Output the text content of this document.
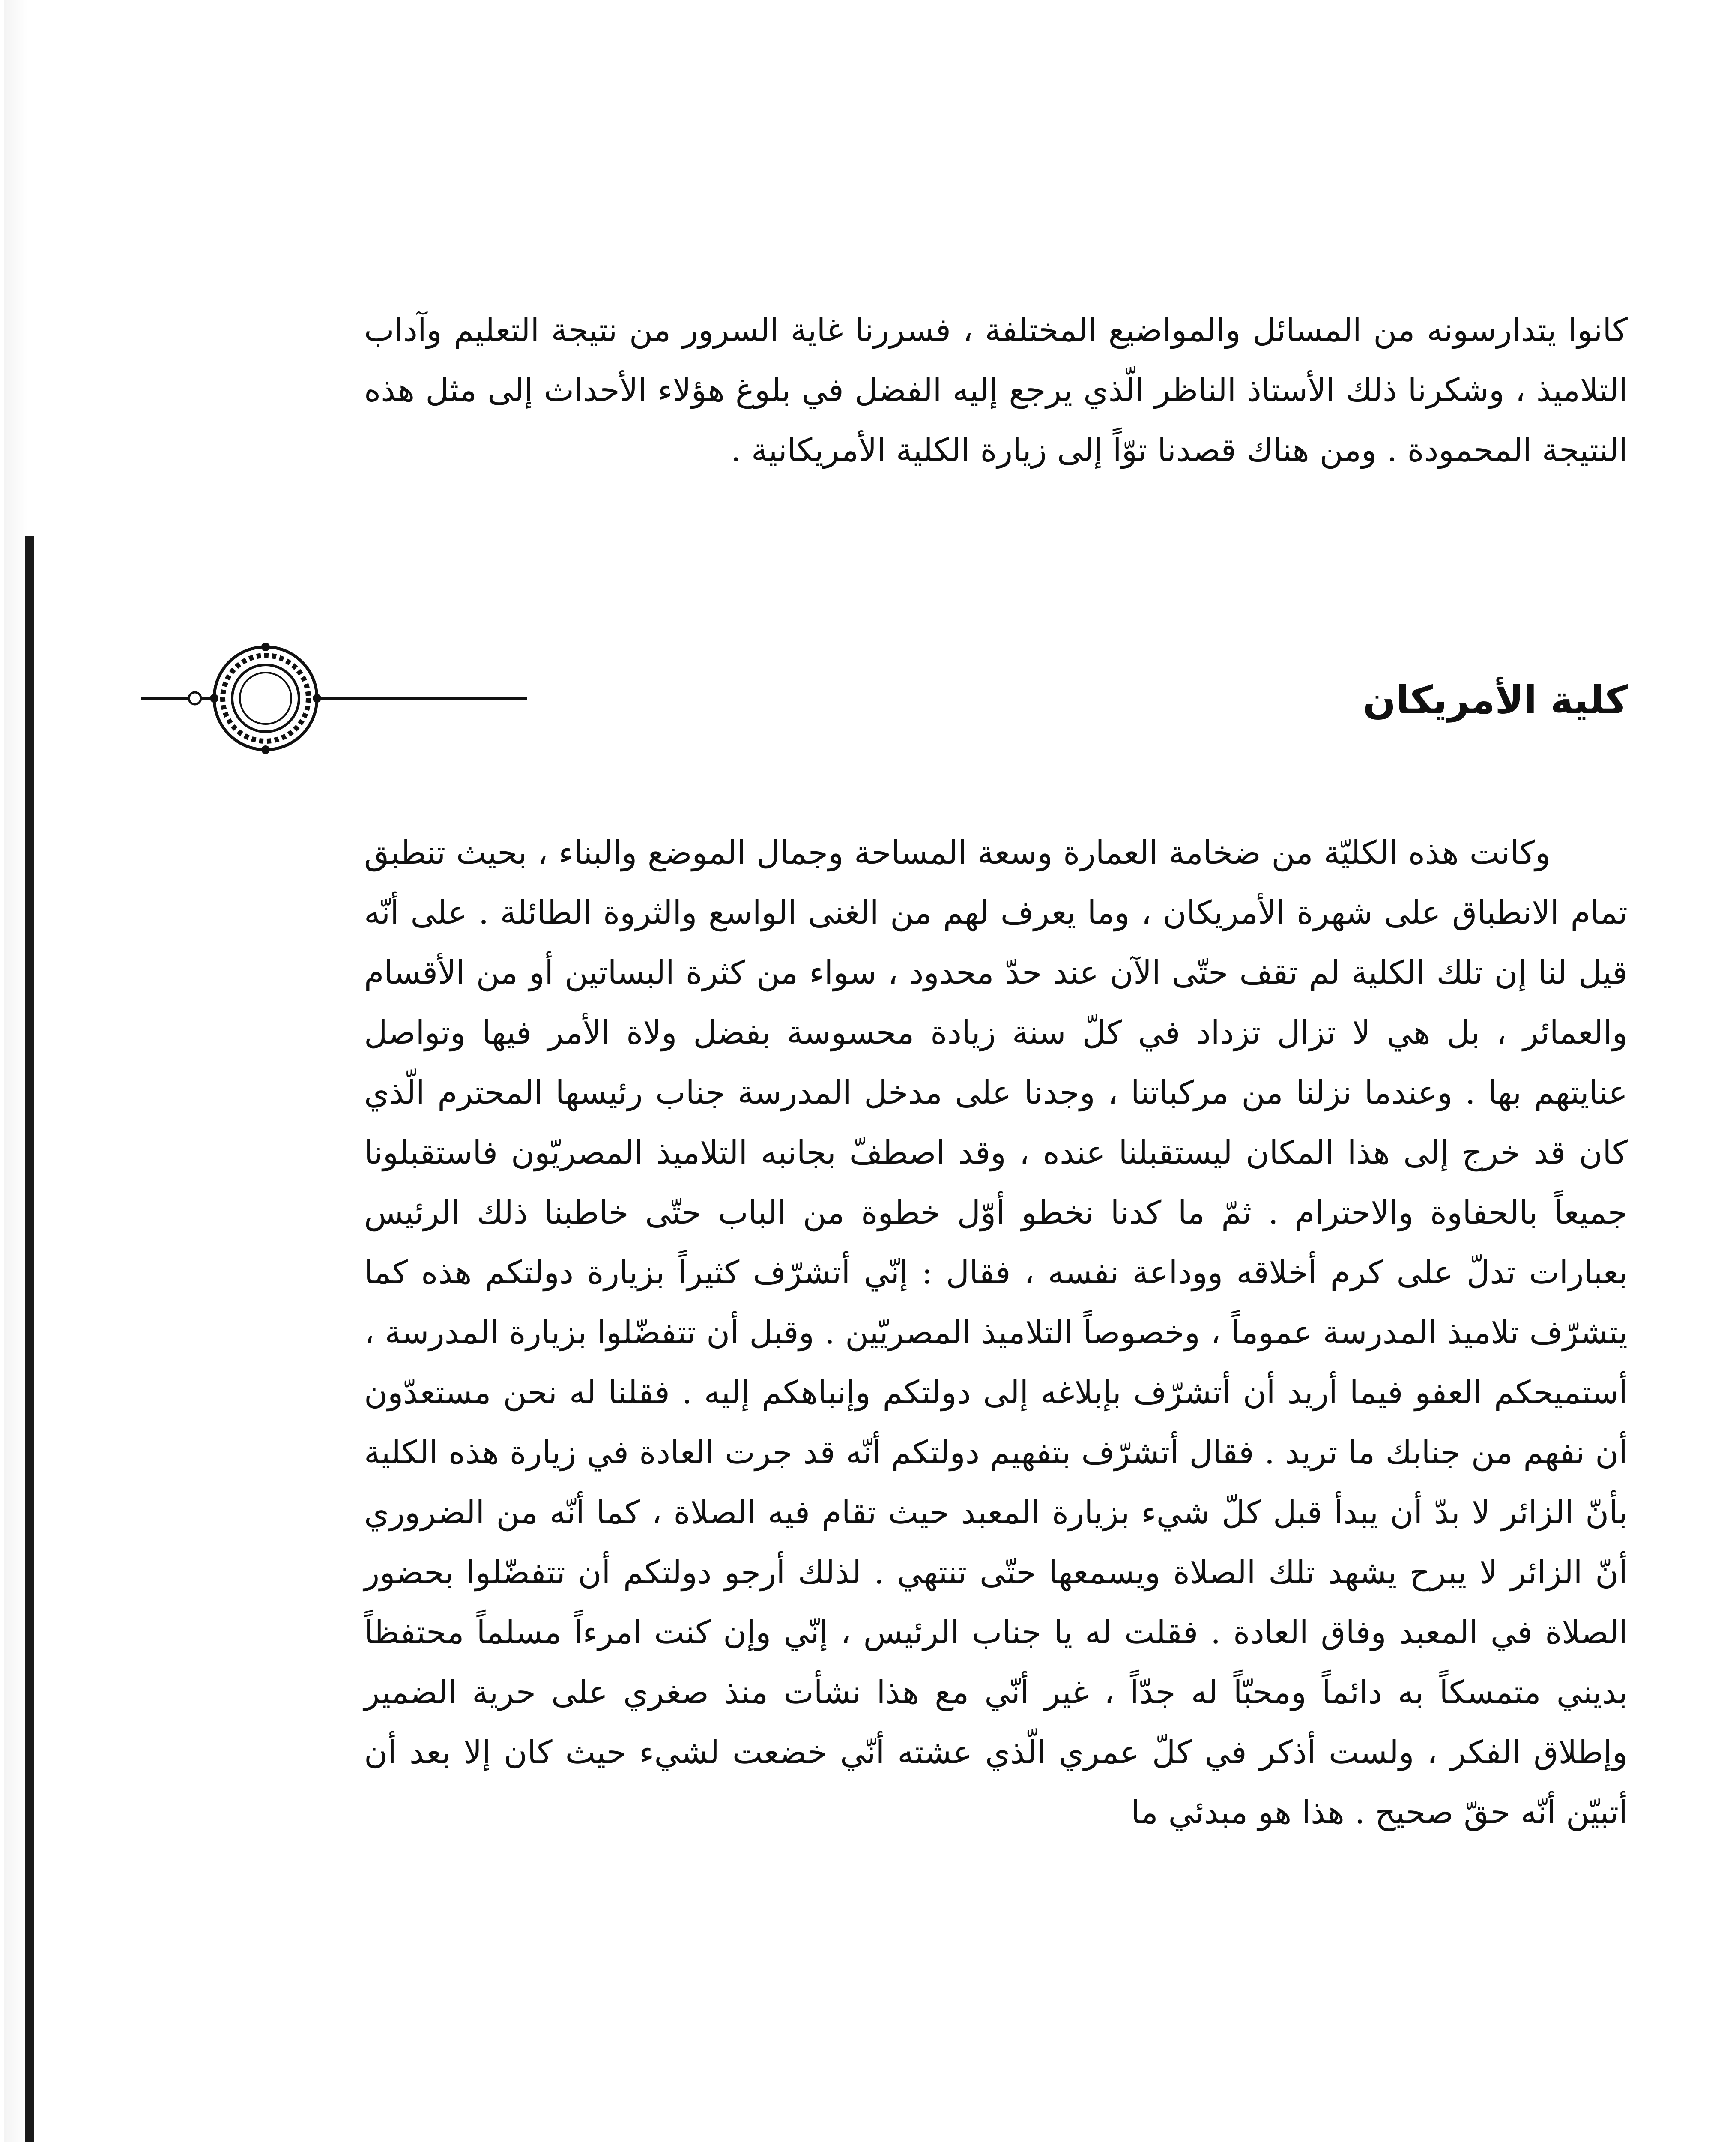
كانوا يتدارسونه من المسائل والمواضيع المختلفة ، فسررنا غاية السرور من نتيجة التعليم وآداب التلاميذ ، وشكرنا ذلك الأستاذ الناظر الّذي يرجع إليه الفضل في بلوغ هؤلاء الأحداث إلى مثل هذه النتيجة المحمودة . ومن هناك قصدنا توّاً إلى زيارة الكلية الأمريكانية .

كلية الأمريكان

وكانت هذه الكليّة من ضخامة العمارة وسعة المساحة وجمال الموضع والبناء ، بحيث تنطبق تمام الانطباق على شهرة الأمريكان ، وما يعرف لهم من الغنى الواسع والثروة الطائلة . على أنّه قيل لنا إن تلك الكلية لم تقف حتّى الآن عند حدّ محدود ، سواء من كثرة البساتين أو من الأقسام والعمائر ، بل هي لا تزال تزداد في كلّ سنة زيادة محسوسة بفضل ولاة الأمر فيها وتواصل عنايتهم بها . وعندما نزلنا من مركباتنا ، وجدنا على مدخل المدرسة جناب رئيسها المحترم الّذي كان قد خرج إلى هذا المكان ليستقبلنا عنده ، وقد اصطفّ بجانبه التلاميذ المصريّون فاستقبلونا جميعاً بالحفاوة والاحترام . ثمّ ما كدنا نخطو أوّل خطوة من الباب حتّى خاطبنا ذلك الرئيس بعبارات تدلّ على كرم أخلاقه ووداعة نفسه ، فقال : إنّي أتشرّف كثيراً بزيارة دولتكم هذه كما يتشرّف تلاميذ المدرسة عموماً ، وخصوصاً التلاميذ المصريّين . وقبل أن تتفضّلوا بزيارة المدرسة ، أستميحكم العفو فيما أريد أن أتشرّف بإبلاغه إلى دولتكم وإنباهكم إليه . فقلنا له نحن مستعدّون أن نفهم من جنابك ما تريد . فقال أتشرّف بتفهيم دولتكم أنّه قد جرت العادة في زيارة هذه الكلية بأنّ الزائر لا بدّ أن يبدأ قبل كلّ شيء بزيارة المعبد حيث تقام فيه الصلاة ، كما أنّه من الضروري أنّ الزائر لا يبرح يشهد تلك الصلاة ويسمعها حتّى تنتهي . لذلك أرجو دولتكم أن تتفضّلوا بحضور الصلاة في المعبد وفاق العادة . فقلت له يا جناب الرئيس ، إنّي وإن كنت امرءاً مسلماً محتفظاً بديني متمسكاً به دائماً ومحبّاً له جدّاً ، غير أنّي مع هذا نشأت منذ صغري على حرية الضمير وإطلاق الفكر ، ولست أذكر في كلّ عمري الّذي عشته أنّي خضعت لشيء حيث كان إلا بعد أن أتبيّن أنّه حقّ صحيح . هذا هو مبدئي ما
